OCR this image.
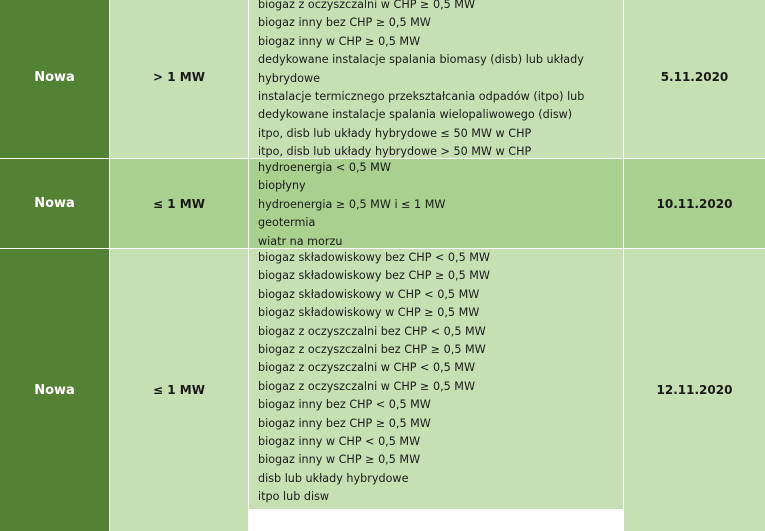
Nowa	> 1 MW
biogaz z oczyszczalni w CHP ≥ 0,5 MW
biogaz inny bez CHP ≥ 0,5 MW
biogaz inny w CHP ≥ 0,5 MW
dedykowane instalacje spalania biomasy (disb) lub układy
hybrydowe
instalacje termicznego przekształcania odpadów (itpo) lub
dedykowane instalacje spalania wielopaliwowego (disw)
itpo, disb lub układy hybrydowe ≤ 50 MW w CHP
itpo, disb lub układy hybrydowe > 50 MW w CHP
5.11.2020
Nowa	≤ 1 MW
hydroenergia < 0,5 MW
biopłyny
hydroenergia ≥ 0,5 MW i ≤ 1 MW
geotermia
wiatr na morzu
10.11.2020
Nowa	≤ 1 MW
biogaz składowiskowy bez CHP < 0,5 MW
biogaz składowiskowy bez CHP ≥ 0,5 MW
biogaz składowiskowy w CHP < 0,5 MW
biogaz składowiskowy w CHP ≥ 0,5 MW
biogaz z oczyszczalni bez CHP < 0,5 MW
biogaz z oczyszczalni bez CHP ≥ 0,5 MW
biogaz z oczyszczalni w CHP < 0,5 MW
biogaz z oczyszczalni w CHP ≥ 0,5 MW
biogaz inny bez CHP < 0,5 MW
biogaz inny bez CHP ≥ 0,5 MW
biogaz inny w CHP < 0,5 MW
biogaz inny w CHP ≥ 0,5 MW
disb lub układy hybrydowe
itpo lub disw
12.11.2020
